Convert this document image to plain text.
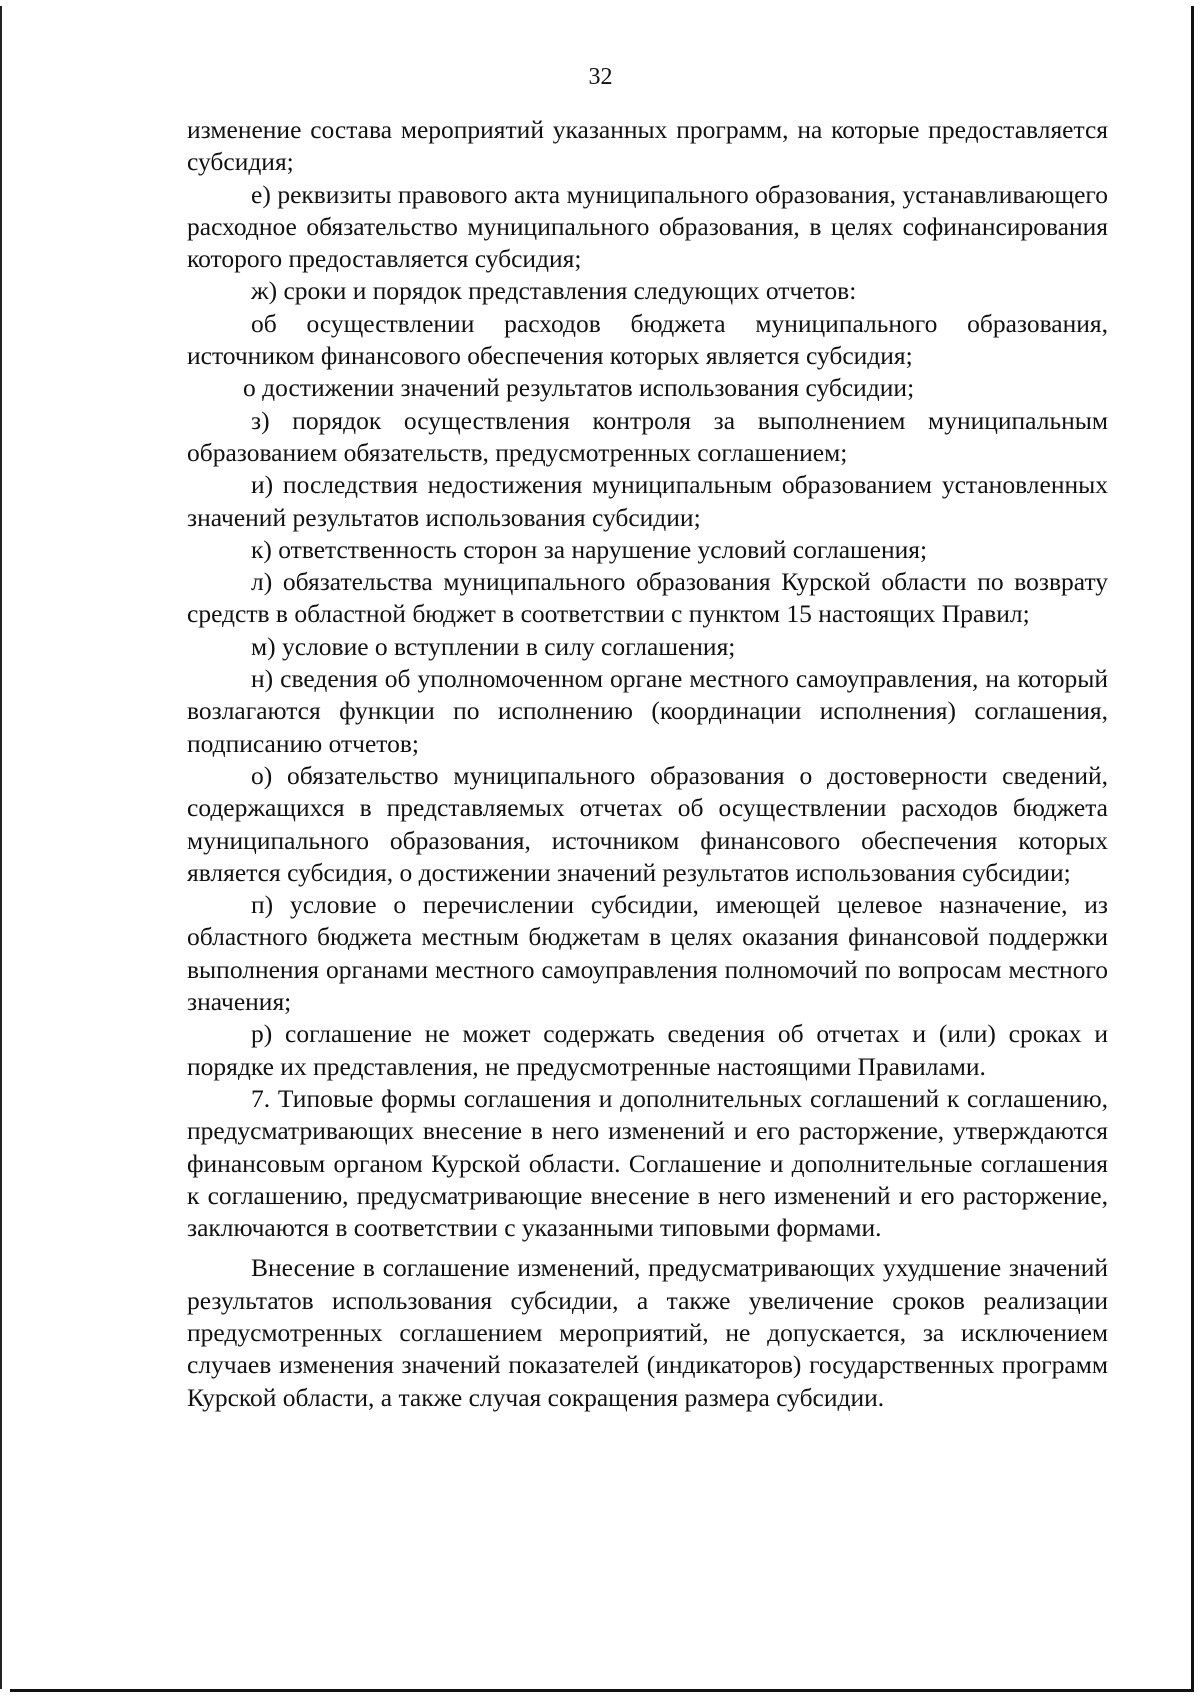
32

изменение состава мероприятий указанных программ, на которые предоставляется субсидия;

е) реквизиты правового акта муниципального образования, устанавливающего расходное обязательство муниципального образования, в целях софинансирования которого предоставляется субсидия;

ж) сроки и порядок представления следующих отчетов:

об осуществлении расходов бюджета муниципального образования, источником финансового обеспечения которых является субсидия;

о достижении значений результатов использования субсидии;

з) порядок осуществления контроля за выполнением муниципальным образованием обязательств, предусмотренных соглашением;

и) последствия недостижения муниципальным образованием установленных значений результатов использования субсидии;

к) ответственность сторон за нарушение условий соглашения;

л) обязательства муниципального образования Курской области по возврату средств в областной бюджет в соответствии с пунктом 15 настоящих Правил;

м) условие о вступлении в силу соглашения;

н) сведения об уполномоченном органе местного самоуправления, на который возлагаются функции по исполнению (координации исполнения) соглашения, подписанию отчетов;

о) обязательство муниципального образования о достоверности сведений, содержащихся в представляемых отчетах об осуществлении расходов бюджета муниципального образования, источником финансового обеспечения которых является субсидия, о достижении значений результатов использования субсидии;

п) условие о перечислении субсидии, имеющей целевое назначение, из областного бюджета местным бюджетам в целях оказания финансовой поддержки выполнения органами местного самоуправления полномочий по вопросам местного значения;

р) соглашение не может содержать сведения об отчетах и (или) сроках и порядке их представления, не предусмотренные настоящими Правилами.

7. Типовые формы соглашения и дополнительных соглашений к соглашению, предусматривающих внесение в него изменений и его расторжение, утверждаются финансовым органом Курской области. Соглашение и дополнительные соглашения к соглашению, предусматривающие внесение в него изменений и его расторжение, заключаются в соответствии с указанными типовыми формами.

Внесение в соглашение изменений, предусматривающих ухудшение значений результатов использования субсидии, а также увеличение сроков реализации предусмотренных соглашением мероприятий, не допускается, за исключением случаев изменения значений показателей (индикаторов) государственных программ Курской области, а также случая сокращения размера субсидии.
